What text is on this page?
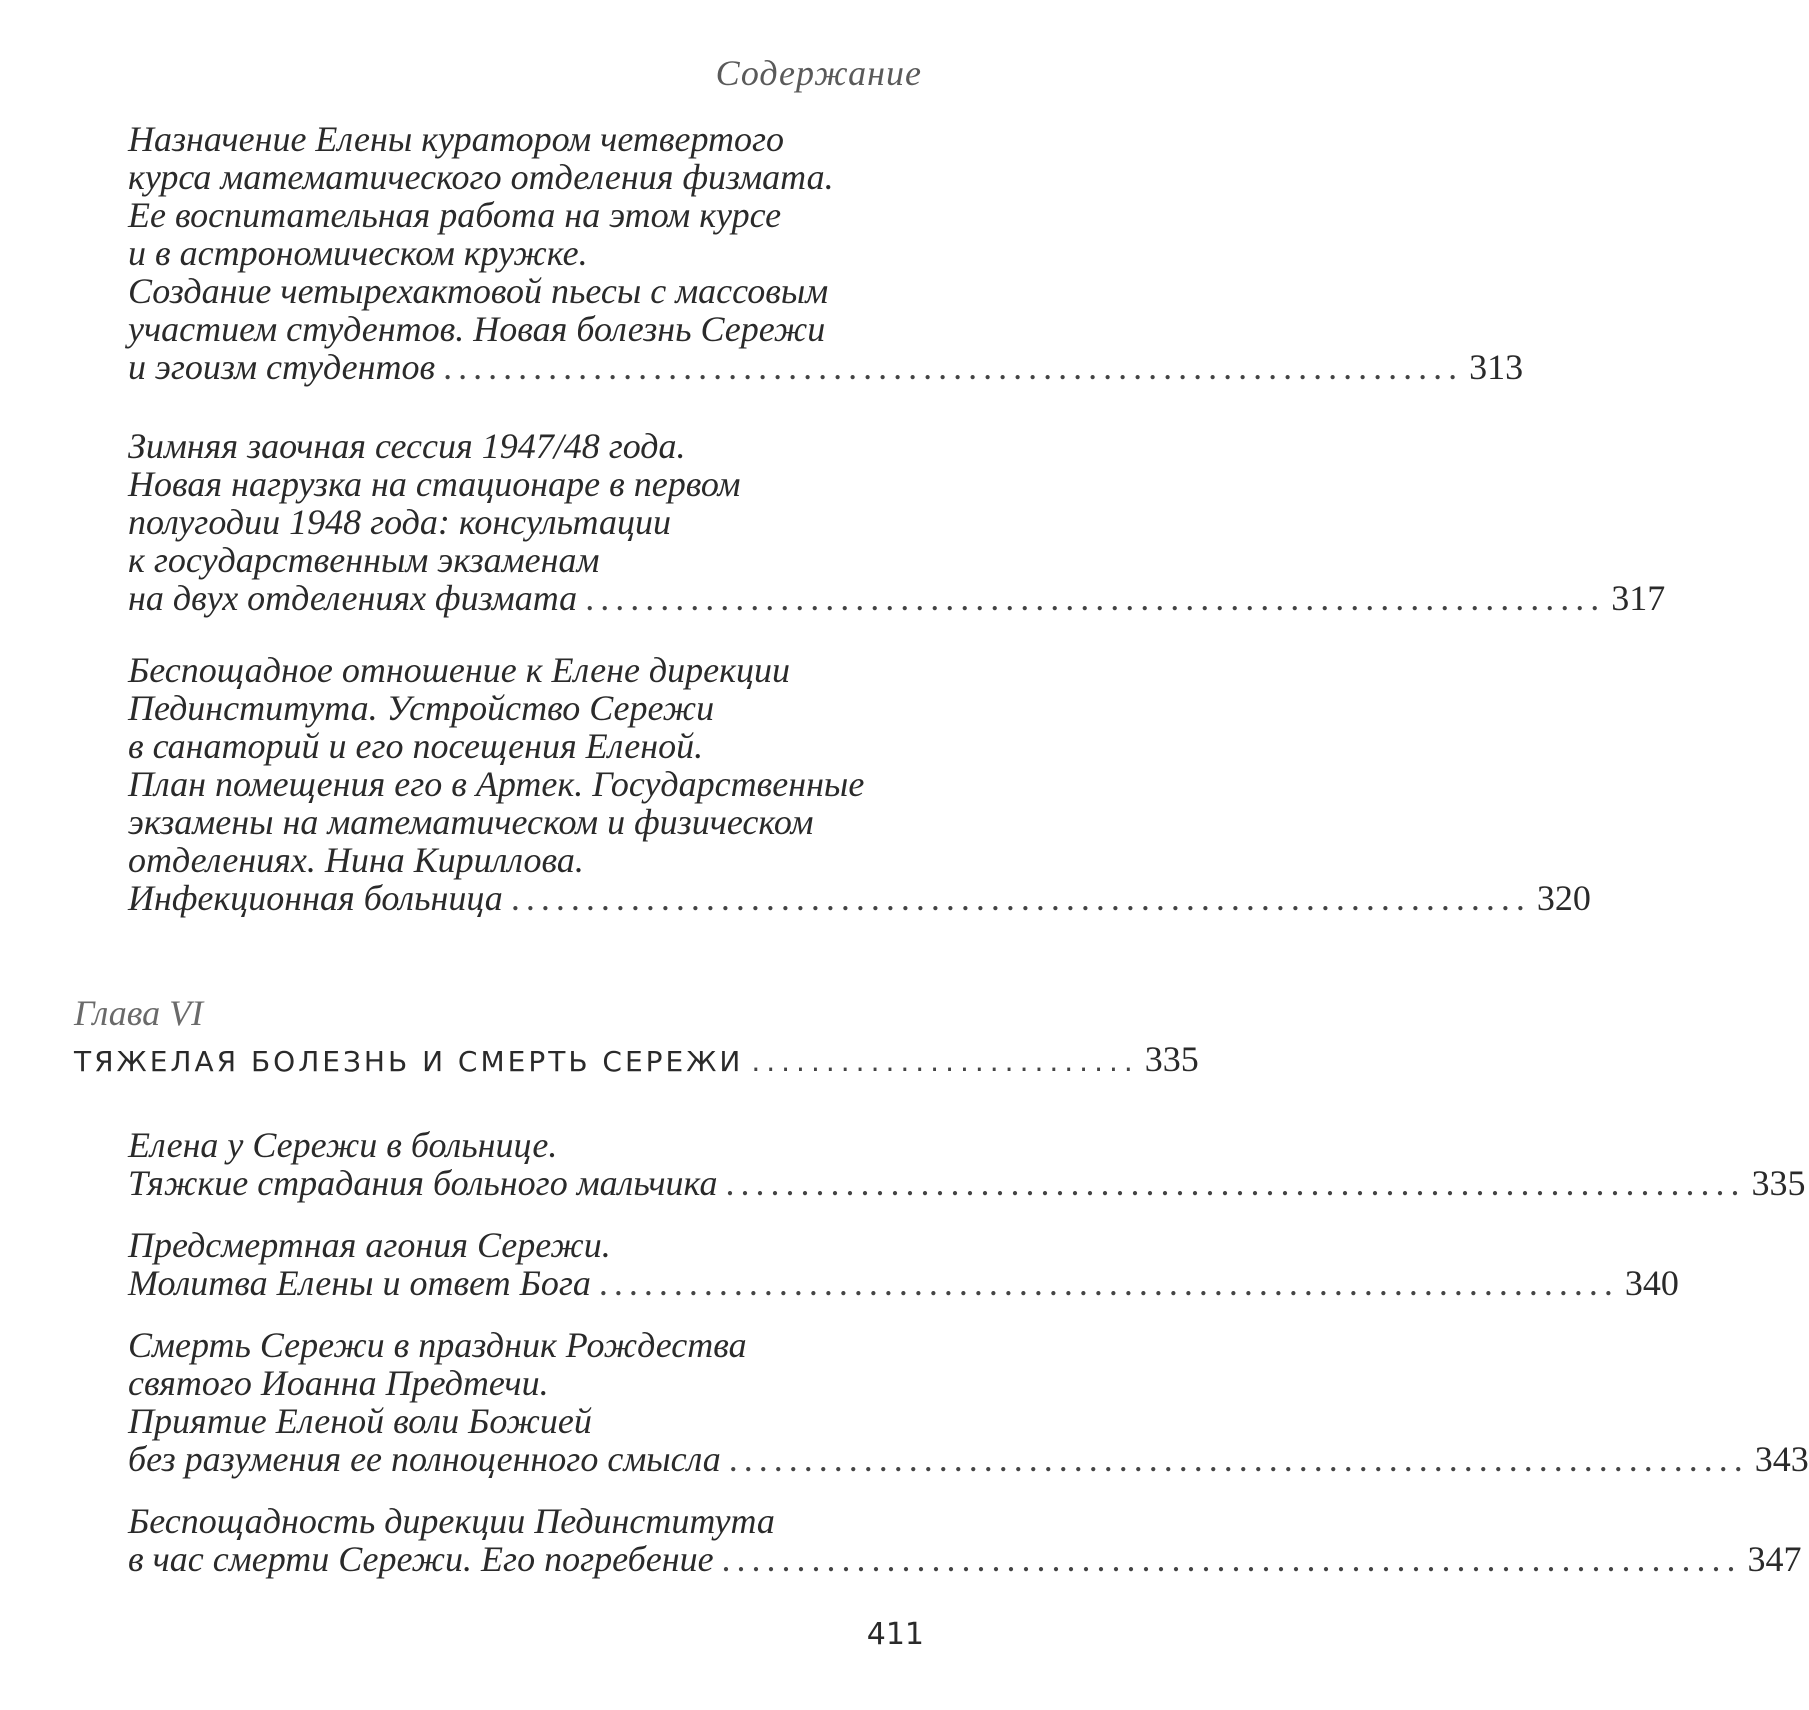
Содержание
Назначение Елены куратором четвертого
курса математического отделения физмата.
Ее воспитательная работа на этом курсе
и в астрономическом кружке.
Создание четырехактовой пьесы с массовым
участием студентов. Новая болезнь Сережи
и эгоизм студентов .................................................................... 313
Зимняя заочная сессия 1947/48 года.
Новая нагрузка на стационаре в первом
полугодии 1948 года: консультации
к государственным экзаменам
на двух отделениях физмата .................................................................... 317
Беспощадное отношение к Елене дирекции
Пединститута. Устройство Сережи
в санаторий и его посещения Еленой.
План помещения его в Артек. Государственные
экзамены на математическом и физическом
отделениях. Нина Кириллова.
Инфекционная больница .................................................................... 320
Глава VI
ТЯЖЕЛАЯ БОЛЕЗНЬ И СМЕРТЬ СЕРЕЖИ .......................... 335
Елена у Сережи в больнице.
Тяжкие страдания больного мальчика .................................................................... 335
Предсмертная агония Сережи.
Молитва Елены и ответ Бога .................................................................... 340
Смерть Сережи в праздник Рождества
святого Иоанна Предтечи.
Приятие Еленой воли Божией
без разумения ее полноценного смысла .................................................................... 343
Беспощадность дирекции Пединститута
в час смерти Сережи. Его погребение .................................................................... 347
411
